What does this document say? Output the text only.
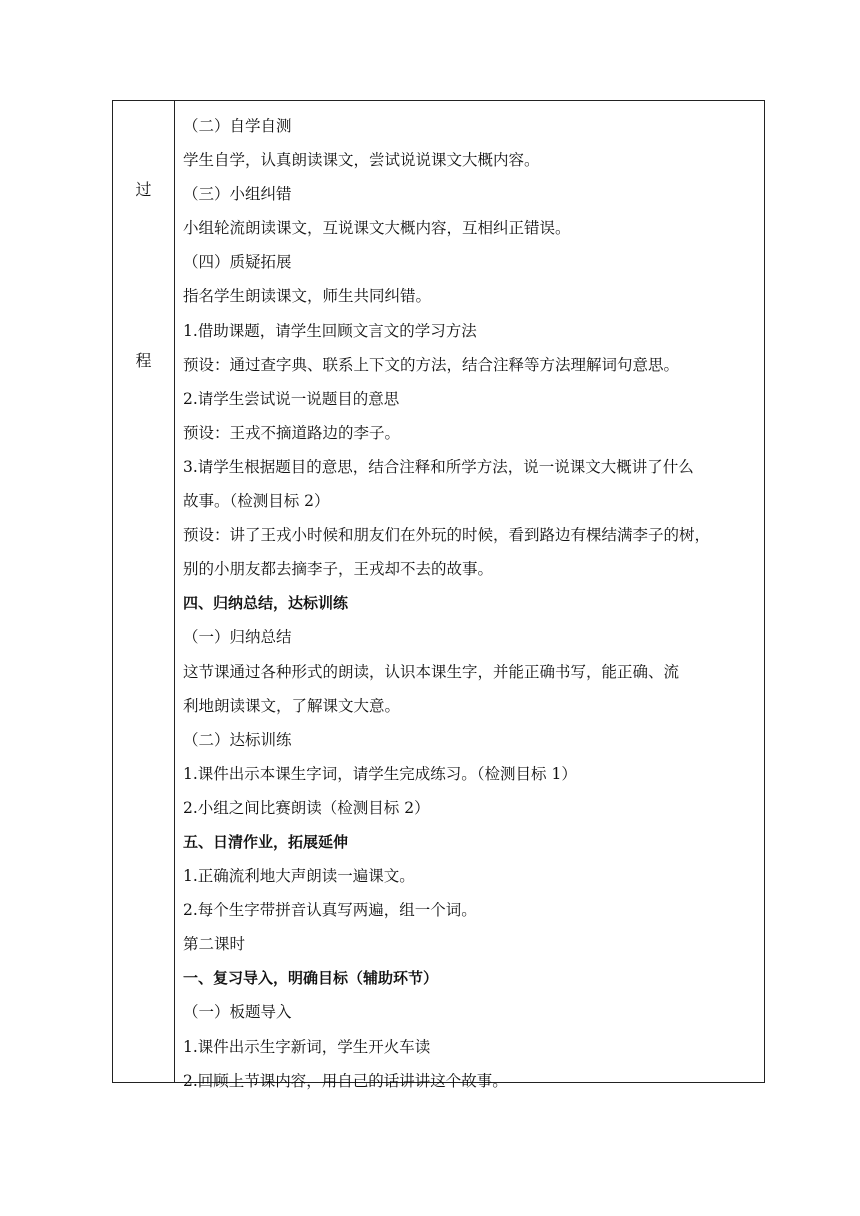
过
程
（二）自学自测
学生自学，认真朗读课文，尝试说说课文大概内容。
（三）小组纠错
小组轮流朗读课文，互说课文大概内容，互相纠正错误。
（四）质疑拓展
指名学生朗读课文，师生共同纠错。
1.借助课题，请学生回顾文言文的学习方法
预设：通过查字典、联系上下文的方法，结合注释等方法理解词句意思。
2.请学生尝试说一说题目的意思
预设：王戎不摘道路边的李子。
3.请学生根据题目的意思，结合注释和所学方法，说一说课文大概讲了什么
故事。（检测目标 2）
预设：讲了王戎小时候和朋友们在外玩的时候，看到路边有棵结满李子的树，
别的小朋友都去摘李子，王戎却不去的故事。
四、归纳总结，达标训练
（一）归纳总结
这节课通过各种形式的朗读，认识本课生字，并能正确书写，能正确、流
利地朗读课文，了解课文大意。
（二）达标训练
1.课件出示本课生字词，请学生完成练习。（检测目标 1）
2.小组之间比赛朗读（检测目标 2）
五、日清作业，拓展延伸
1.正确流利地大声朗读一遍课文。
2.每个生字带拼音认真写两遍，组一个词。
第二课时
一、复习导入，明确目标（辅助环节）
（一）板题导入
1.课件出示生字新词，学生开火车读
2.回顾上节课内容，用自己的话讲讲这个故事。
